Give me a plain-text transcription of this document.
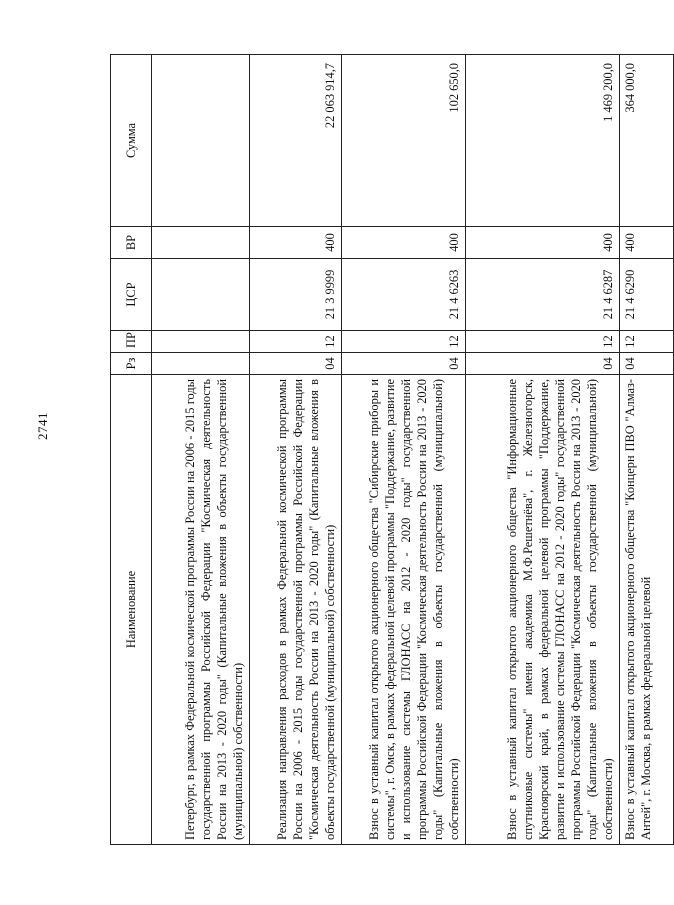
2741
Наименование	Рз	ПР	ЦСР	ВР	Сумма
Петербург, в рамках Федеральной космической программы России на 2006 - 2015 годы государственной программы Российской Федерации "Космическая деятельность России на 2013 - 2020 годы" (Капитальные вложения в объекты государственной (муниципальной) собственности)					
Реализация направления расходов в рамках Федеральной космической программы России на 2006 - 2015 годы государственной программы Российской Федерации "Космическая деятельность России на 2013 - 2020 годы" (Капитальные вложения в объекты государственной (муниципальной) собственности)	04	12	21 3 9999	400	22 063 914,7
Взнос в уставный капитал открытого акционерного общества "Сибирские приборы и системы", г. Омск, в рамках федеральной целевой программы "Поддержание, развитие и использование системы ГЛОНАСС на 2012 - 2020 годы" государственной программы Российской Федерации "Космическая деятельность России на 2013 - 2020 годы" (Капитальные вложения в объекты государственной (муниципальной) собственности)	04	12	21 4 6263	400	102 650,0
Взнос в уставный капитал открытого акционерного общества "Информационные спутниковые системы" имени академика М.Ф.Решетнёва", г. Железногорск, Красноярский край, в рамках федеральной целевой программы "Поддержание, развитие и использование системы ГЛОНАСС на 2012 - 2020 годы" государственной программы Российской Федерации "Космическая деятельность России на 2013 - 2020 годы" (Капитальные вложения в объекты государственной (муниципальной) собственности)	04	12	21 4 6287	400	1 469 200,0
Взнос в уставный капитал открытого акционерного общества "Концерн ПВО "Алмаз-Антей", г. Москва, в рамках федеральной целевой	04	12	21 4 6290	400	364 000,0
